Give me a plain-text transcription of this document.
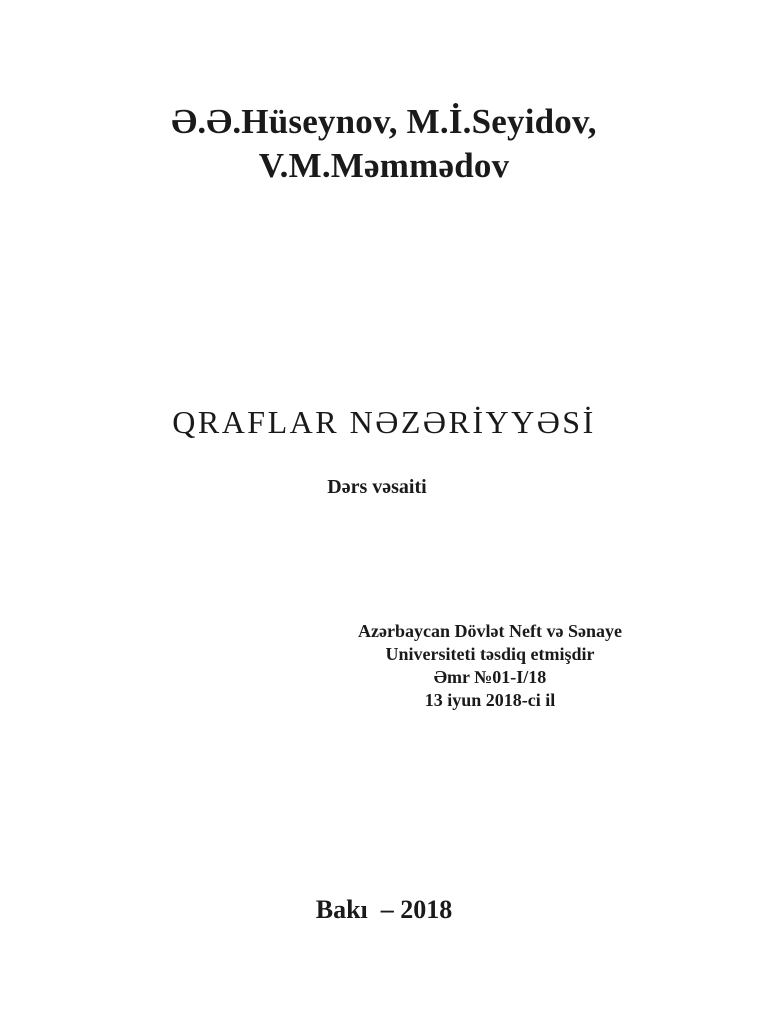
Ə.Ə.Hüseynov, M.İ.Seyidov,
V.M.Məmmədov
QRAFLAR NƏZƏRİYYƏSİ
Dərs vəsaiti
Azərbaycan Dövlət Neft və Sənaye
Universiteti təsdiq etmişdir
Əmr №01-I/18
13 iyun 2018-ci il
Bakı  – 2018
